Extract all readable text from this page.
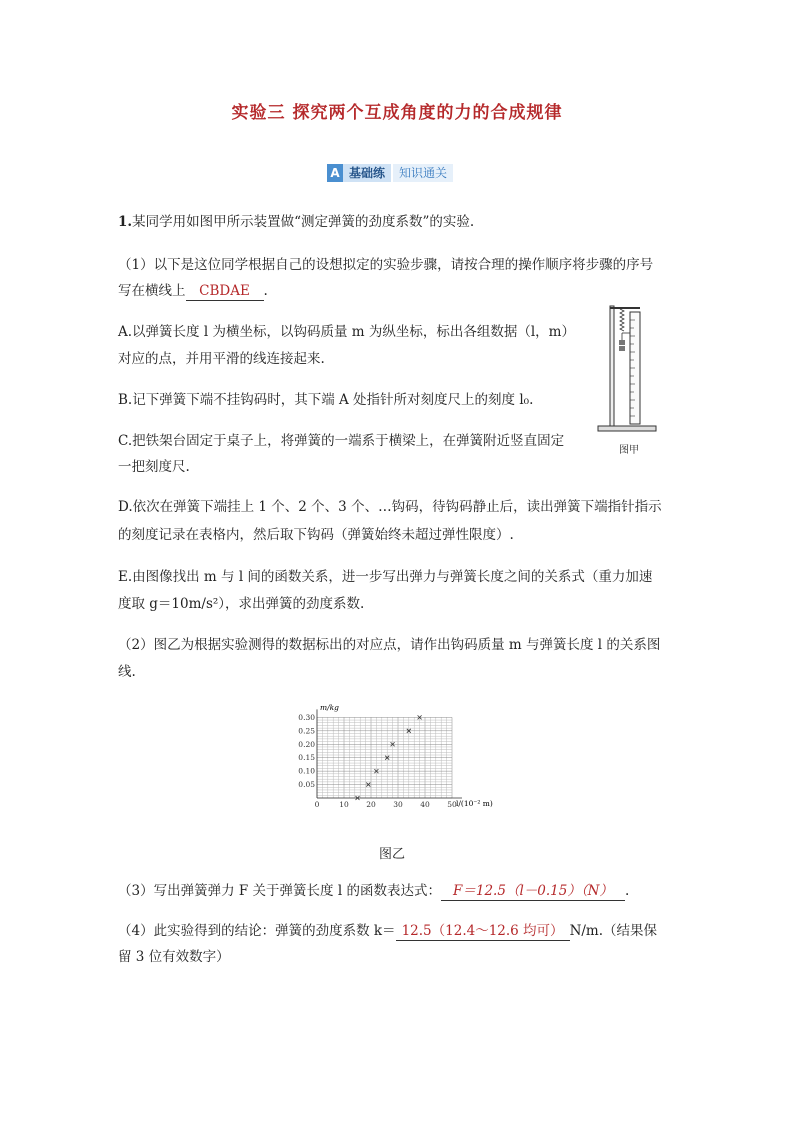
实验三 探究两个互成角度的力的合成规律
A 基础练	知识通关
1.某同学用如图甲所示装置做“测定弹簧的劲度系数”的实验.
（1）以下是这位同学根据自己的设想拟定的实验步骤，请按合理的操作顺序将步骤的序号
写在横线上 CBDAE .
A.以弹簧长度 l 为横坐标，以钩码质量 m 为纵坐标，标出各组数据（l，m）
对应的点，并用平滑的线连接起来.
B.记下弹簧下端不挂钩码时，其下端 A 处指针所对刻度尺上的刻度 l₀.
C.把铁架台固定于桌子上，将弹簧的一端系于横梁上，在弹簧附近竖直固定
一把刻度尺.
D.依次在弹簧下端挂上 1 个、2 个、3 个、…钩码，待钩码静止后，读出弹簧下端指针指示
的刻度记录在表格内，然后取下钩码（弹簧始终未超过弹性限度）.
E.由图像找出 m 与 l 间的函数关系，进一步写出弹力与弹簧长度之间的关系式（重力加速
度取 g＝10m/s²），求出弹簧的劲度系数.
（2）图乙为根据实验测得的数据标出的对应点，请作出钩码质量 m 与弹簧长度 l 的关系图
线.
图甲
0	10 20 30 40 50
0.05
0.10
0.15
0.20
0.25
0.30
m/kg
l/(10⁻² m)
图乙
（3）写出弹簧弹力 F 关于弹簧长度 l 的函数表达式： F＝12.5（l－0.15）（N） .
（4）此实验得到的结论：弹簧的劲度系数 k＝ 12.5（12.4～12.6 均可） N/m.（结果保
留 3 位有效数字）
